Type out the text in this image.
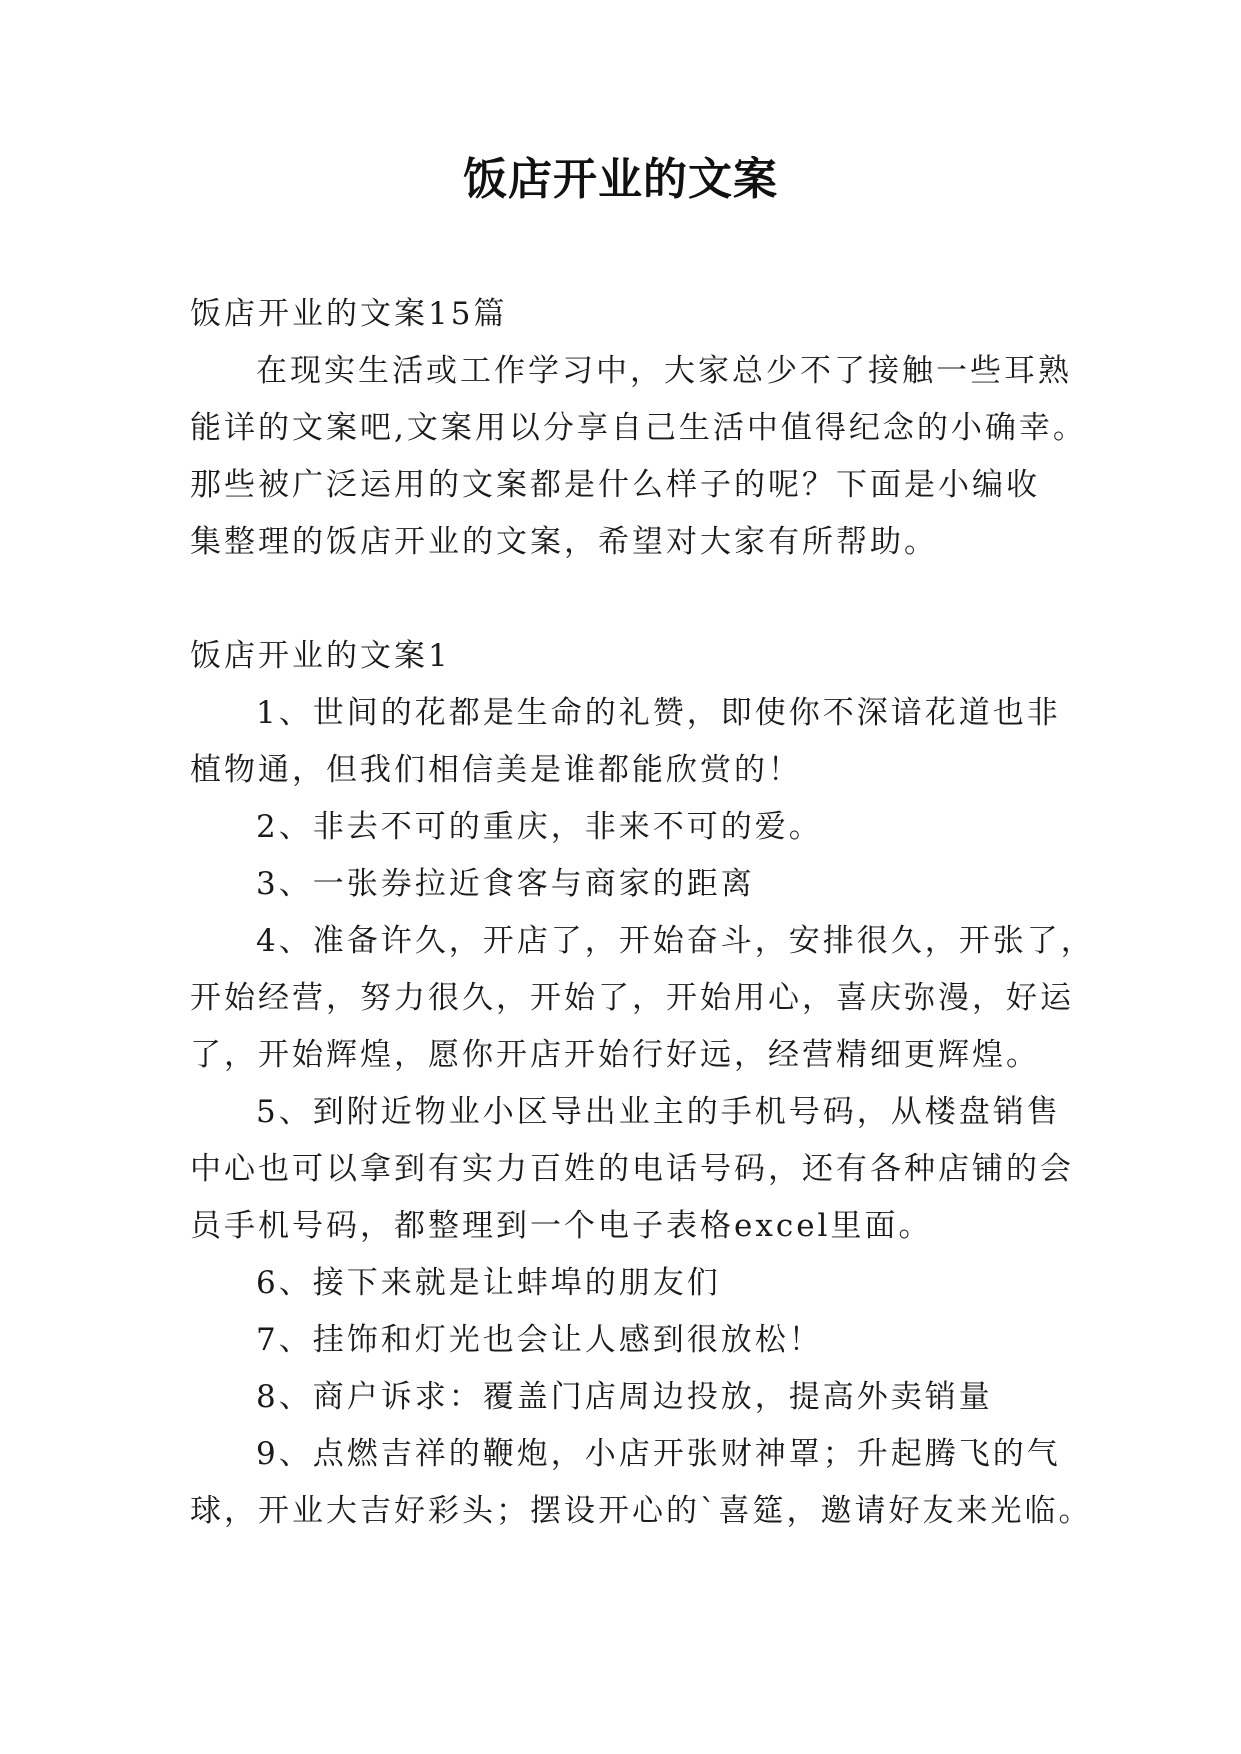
饭店开业的文案
饭店开业的文案15篇
在现实生活或工作学习中，大家总少不了接触一些耳熟
能详的文案吧,文案用以分享自己生活中值得纪念的小确幸。
那些被广泛运用的文案都是什么样子的呢？下面是小编收
集整理的饭店开业的文案，希望对大家有所帮助。
饭店开业的文案1
1、世间的花都是生命的礼赞，即使你不深谙花道也非
植物通，但我们相信美是谁都能欣赏的！
2、非去不可的重庆，非来不可的爱。
3、一张券拉近食客与商家的距离
4、准备许久，开店了，开始奋斗，安排很久，开张了，
开始经营，努力很久，开始了，开始用心，喜庆弥漫，好运
了，开始辉煌，愿你开店开始行好远，经营精细更辉煌。
5、到附近物业小区导出业主的手机号码，从楼盘销售
中心也可以拿到有实力百姓的电话号码，还有各种店铺的会
员手机号码，都整理到一个电子表格excel里面。
6、接下来就是让蚌埠的朋友们
7、挂饰和灯光也会让人感到很放松！
8、商户诉求：覆盖门店周边投放，提高外卖销量
9、点燃吉祥的鞭炮，小店开张财神罩；升起腾飞的气
球，开业大吉好彩头；摆设开心的`喜筵，邀请好友来光临。
